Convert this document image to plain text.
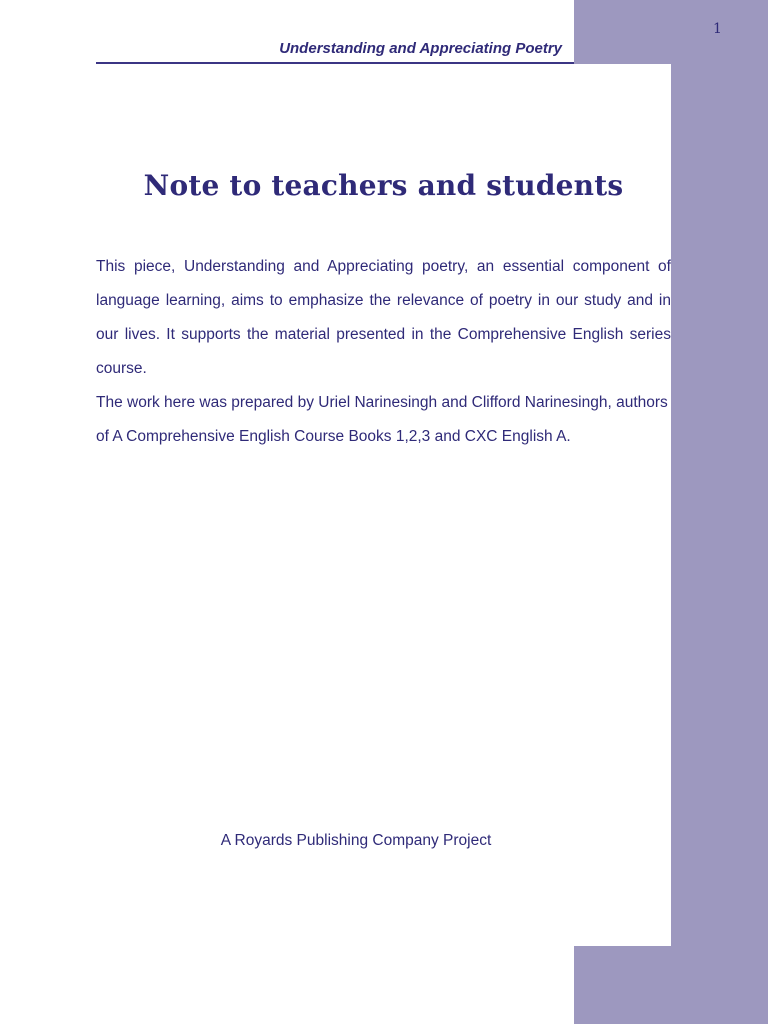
1
Understanding and Appreciating Poetry
Note to teachers and students

This piece, Understanding and Appreciating poetry, an essential component of language learning, aims to emphasize the relevance of poetry in our study and in our lives. It supports the material presented in the Comprehensive English series course.

The work here was prepared by Uriel Narinesingh and Clifford Narinesingh, authors of A Comprehensive English Course Books 1,2,3 and CXC English A.

A Royards Publishing Company Project
